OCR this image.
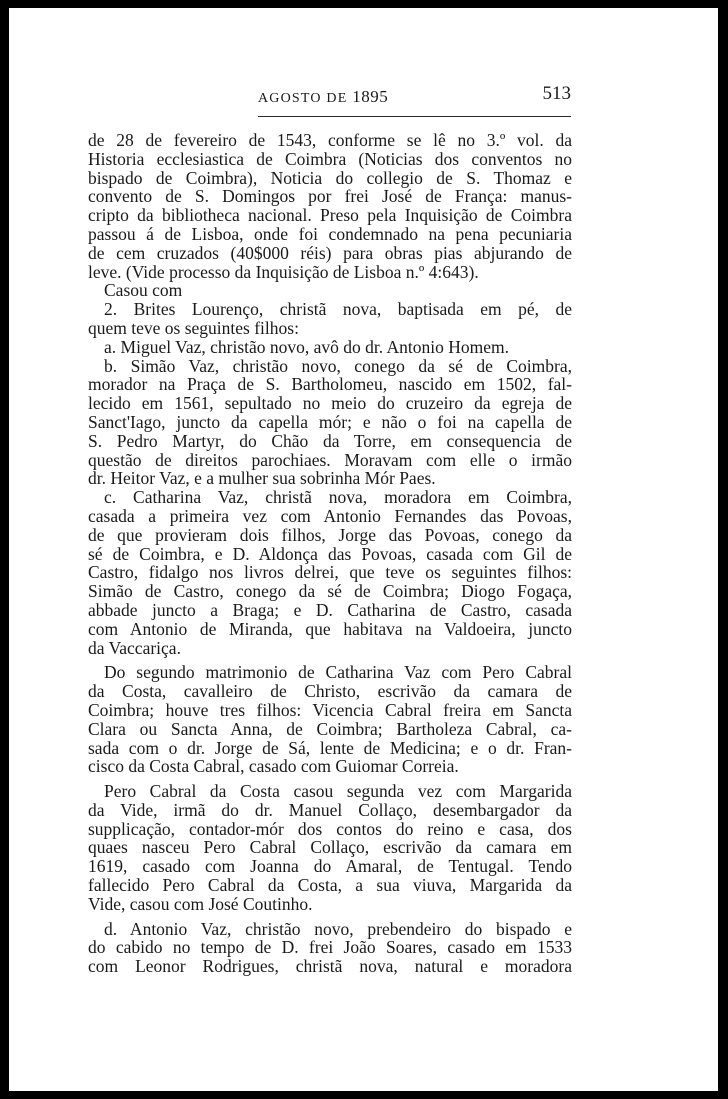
AGOSTO DE 1895	513
de 28 de fevereiro de 1543, conforme se lê no 3.º vol. da
Historia ecclesiastica de Coimbra (Noticias dos conventos no
bispado de Coimbra), Noticia do collegio de S. Thomaz e
convento de S. Domingos por frei José de França: manus-
cripto da bibliotheca nacional. Preso pela Inquisição de Coimbra
passou á de Lisboa, onde foi condemnado na pena pecuniaria
de cem cruzados (40$000 réis) para obras pias abjurando de
leve. (Vide processo da Inquisição de Lisboa n.º 4:643).
Casou com
2. Brites Lourenço, christã nova, baptisada em pé, de
quem teve os seguintes filhos:
a. Miguel Vaz, christão novo, avô do dr. Antonio Homem.
b. Simão Vaz, christão novo, conego da sé de Coimbra,
morador na Praça de S. Bartholomeu, nascido em 1502, fal-
lecido em 1561, sepultado no meio do cruzeiro da egreja de
Sanct'Iago, juncto da capella mór; e não o foi na capella de
S. Pedro Martyr, do Chão da Torre, em consequencia de
questão de direitos parochiaes. Moravam com elle o irmão
dr. Heitor Vaz, e a mulher sua sobrinha Mór Paes.
c. Catharina Vaz, christã nova, moradora em Coimbra,
casada a primeira vez com Antonio Fernandes das Povoas,
de que provieram dois filhos, Jorge das Povoas, conego da
sé de Coimbra, e D. Aldonça das Povoas, casada com Gil de
Castro, fidalgo nos livros delrei, que teve os seguintes filhos:
Simão de Castro, conego da sé de Coimbra; Diogo Fogaça,
abbade juncto a Braga; e D. Catharina de Castro, casada
com Antonio de Miranda, que habitava na Valdoeira, juncto
da Vaccariça.
Do segundo matrimonio de Catharina Vaz com Pero Cabral
da Costa, cavalleiro de Christo, escrivão da camara de
Coimbra; houve tres filhos: Vicencia Cabral freira em Sancta
Clara ou Sancta Anna, de Coimbra; Bartholeza Cabral, ca-
sada com o dr. Jorge de Sá, lente de Medicina; e o dr. Fran-
cisco da Costa Cabral, casado com Guiomar Correia.
Pero Cabral da Costa casou segunda vez com Margarida
da Vide, irmã do dr. Manuel Collaço, desembargador da
supplicação, contador-mór dos contos do reino e casa, dos
quaes nasceu Pero Cabral Collaço, escrivão da camara em
1619, casado com Joanna do Amaral, de Tentugal. Tendo
fallecido Pero Cabral da Costa, a sua viuva, Margarida da
Vide, casou com José Coutinho.
d. Antonio Vaz, christão novo, prebendeiro do bispado e
do cabido no tempo de D. frei João Soares, casado em 1533
com Leonor Rodrigues, christã nova, natural e moradora
